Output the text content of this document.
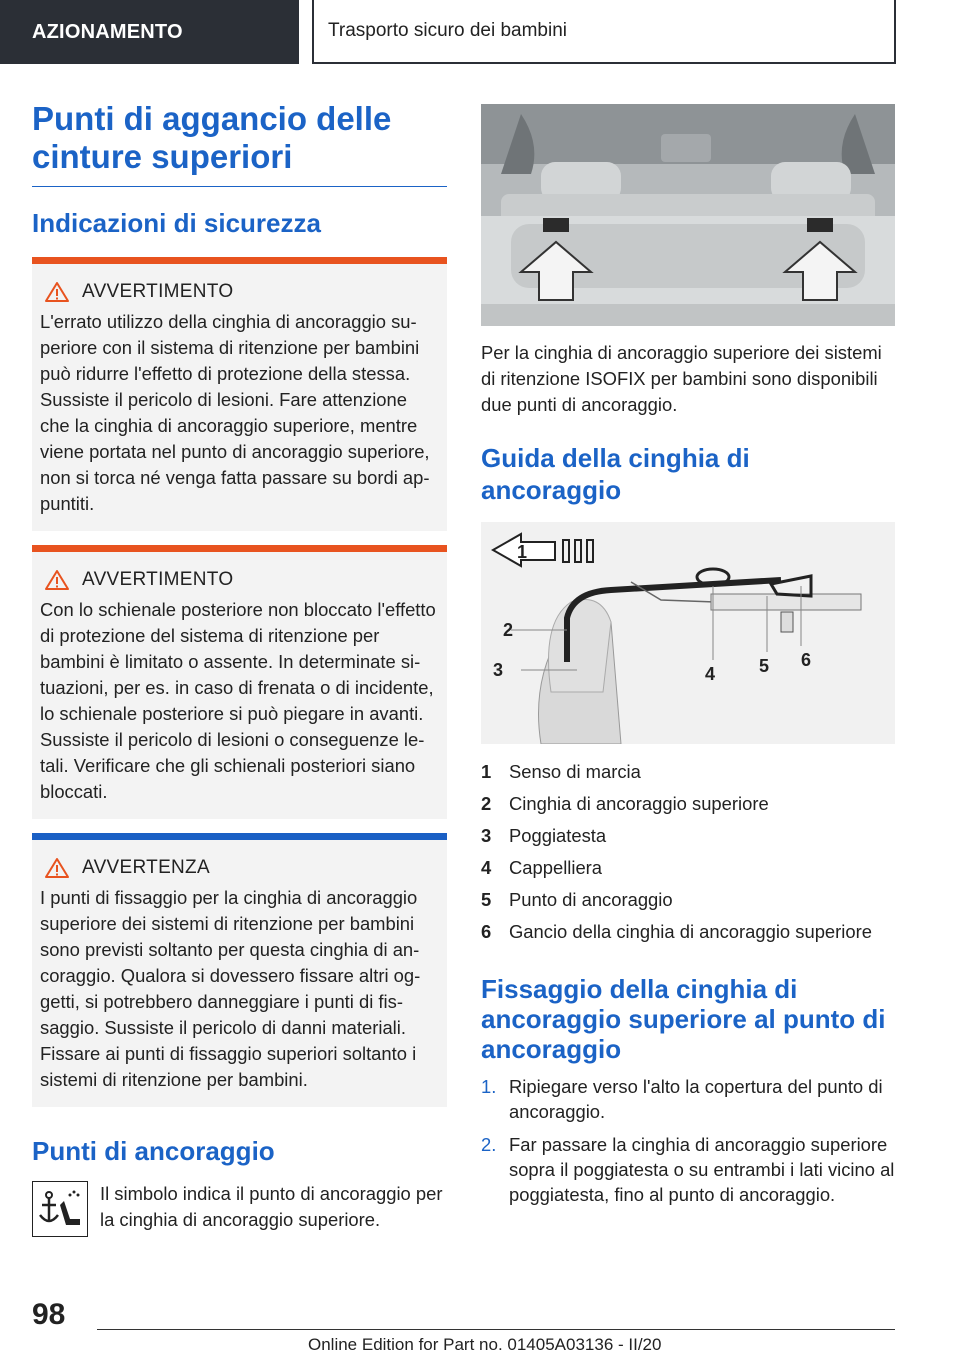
AZIONAMENTO	Trasporto sicuro dei bambini
Punti di aggancio delle cinture superiori
Indicazioni di sicurezza
AVVERTIMENTO

L'errato utilizzo della cinghia di ancoraggio superiore con il sistema di ritenzione per bambini può ridurre l'effetto di protezione della stessa. Sussiste il pericolo di lesioni. Fare attenzione che la cinghia di ancoraggio superiore, mentre viene portata nel punto di ancoraggio superiore, non si torca né venga fatta passare su bordi appuntiti.

AVVERTIMENTO

Con lo schienale posteriore non bloccato l'effetto di protezione del sistema di ritenzione per bambini è limitato o assente. In determinate situazioni, per es. in caso di frenata o di incidente, lo schienale posteriore si può piegare in avanti. Sussiste il pericolo di lesioni o conseguenze letali. Verificare che gli schienali posteriori siano bloccati.

AVVERTENZA

I punti di fissaggio per la cinghia di ancoraggio superiore dei sistemi di ritenzione per bambini sono previsti soltanto per questa cinghia di ancoraggio. Qualora si dovessero fissare altri oggetti, si potrebbero danneggiare i punti di fissaggio. Sussiste il pericolo di danni materiali. Fissare ai punti di fissaggio superiori soltanto i sistemi di ritenzione per bambini.

Punti di ancoraggio

Il simbolo indica il punto di ancoraggio per la cinghia di ancoraggio superiore.

Per la cinghia di ancoraggio superiore dei sistemi di ritenzione ISOFIX per bambini sono disponibili due punti di ancoraggio.

Guida della cinghia di ancoraggio
1
2
3	4 5 6
1 Senso di marcia
2 Cinghia di ancoraggio superiore
3 Poggiatesta
4 Cappelliera
5 Punto di ancoraggio
6 Gancio della cinghia di ancoraggio superiore
Fissaggio della cinghia di ancoraggio superiore al punto di ancoraggio
1. Ripiegare verso l'alto la copertura del punto di ancoraggio.
2. Far passare la cinghia di ancoraggio superiore sopra il poggiatesta o su entrambi i lati vicino al poggiatesta, fino al punto di ancoraggio.
98
Online Edition for Part no. 01405A03136 - II/20
